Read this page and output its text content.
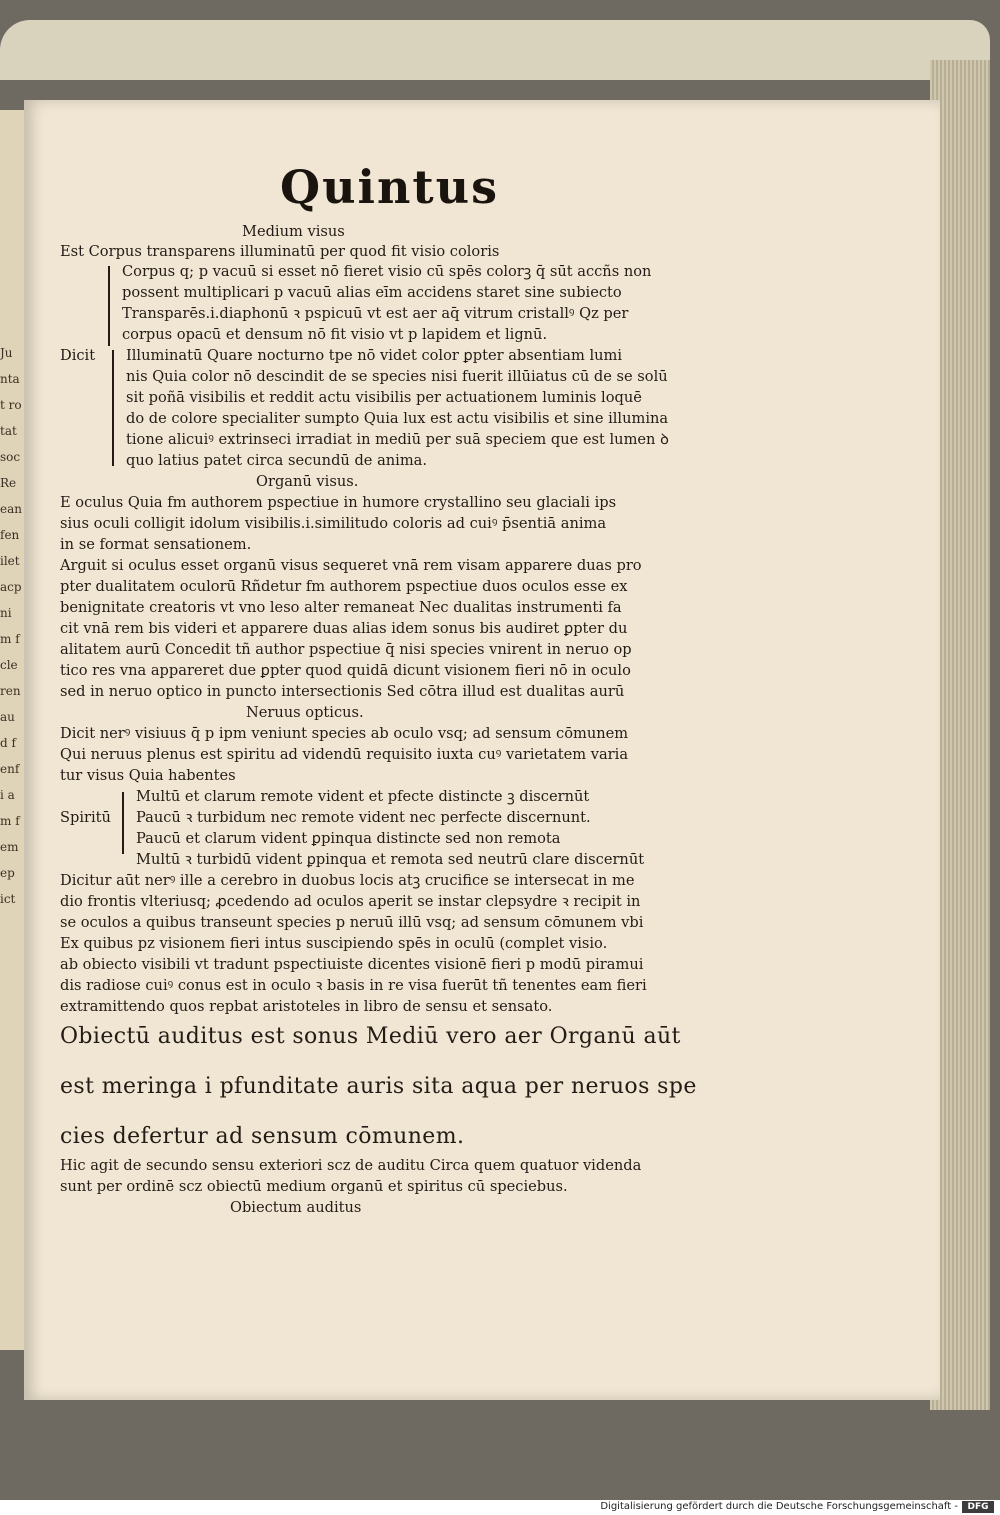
Ju ntat rotat soc Re ean fen ilet acp nim fcle ren aud fenfi am fem ep ict
Quintus
Medium visus
Est Corpus transparens illuminatū per quod fit visio coloris
Corpus q; p vacuū si esset nō fieret visio cū spēs colorꝫ q̄ sūt accñs non
possent multiplicari p vacuū alias eīm accidens staret sine subiecto
Transparēs.i.diaphonū ꝛ pspicuū vt est aer aq̄ vitrum cristallꝰ Qz per
corpus opacū et densum nō fit visio vt p lapidem et lignū.
Dicit Illuminatū Quare nocturno tpe nō videt color ꝑpter absentiam lumi
nis Quia color nō descindit de se species nisi fuerit illūiatus cū de se solū
sit poñā visibilis et reddit actu visibilis per actuationem luminis loquē
do de colore specialiter sumpto Quia lux est actu visibilis et sine illumina
tione alicuiꝰ extrinseci irradiat in mediū per suā speciem que est lumen ꝺ
quo latius patet circa secundū de anima.
Organū visus.
E oculus Quia fm authorem pspectiue in humore crystallino seu glaciali ips
sius oculi colligit idolum visibilis.i.similitudo coloris ad cuiꝰ p̄sentiā anima
in se format sensationem.
Arguit si oculus esset organū visus sequeret vnā rem visam apparere duas pro
pter dualitatem oculorū Rñdetur fm authorem pspectiue duos oculos esse ex
benignitate creatoris vt vno leso alter remaneat Nec dualitas instrumenti fa
cit vnā rem bis videri et apparere duas alias idem sonus bis audiret ꝑpter du
alitatem aurū Concedit tñ author pspectiue q̄ nisi species vnirent in neruo op
tico res vna appareret due ꝑpter quod quidā dicunt visionem fieri nō in oculo
sed in neruo optico in puncto intersectionis Sed cōtra illud est dualitas aurū
Neruus opticus.
Dicit nerꝰ visiuus q̄ p ipm veniunt species ab oculo vsq; ad sensum cōmunem
Qui neruus plenus est spiritu ad videndū requisito iuxta cuꝰ varietatem varia
tur visus Quia habentes
Multū et clarum remote vident et pfecte distincte ꝫ discernūt
Spiritū Paucū ꝛ turbidum nec remote vident nec perfecte discernunt.
Paucū et clarum vident ꝑpinqua distincte sed non remota
Multū ꝛ turbidū vident ꝑpinqua et remota sed neutrū clare discernūt
Dicitur aūt nerꝰ ille a cerebro in duobus locis atꝫ crucifice se intersecat in me
dio frontis vlteriusq; ꝓcedendo ad oculos aperit se instar clepsydre ꝛ recipit in
se oculos a quibus transeunt species p neruū illū vsq; ad sensum cōmunem vbi
Ex quibus pz visionem fieri intus suscipiendo spēs in oculū (complet visio.
ab obiecto visibili vt tradunt pspectiuiste dicentes visionē fieri p modū piramui
dis radiose cuiꝰ conus est in oculo ꝛ basis in re visa fuerūt tñ tenentes eam fieri
extramittendo quos repbat aristoteles in libro de sensu et sensato.
Obiectū auditus est sonus Mediū vero aer Organū aūt
est meringa i pfunditate auris sita aqua per neruos spe
cies defertur ad sensum cōmunem.
Hic agit de secundo sensu exteriori scz de auditu Circa quem quatuor videnda
sunt per ordinē scz obiectū medium organū et spiritus cū speciebus.
Obiectum auditus
Digitalisierung gefördert durch die Deutsche Forschungsgemeinschaft -	DFG
